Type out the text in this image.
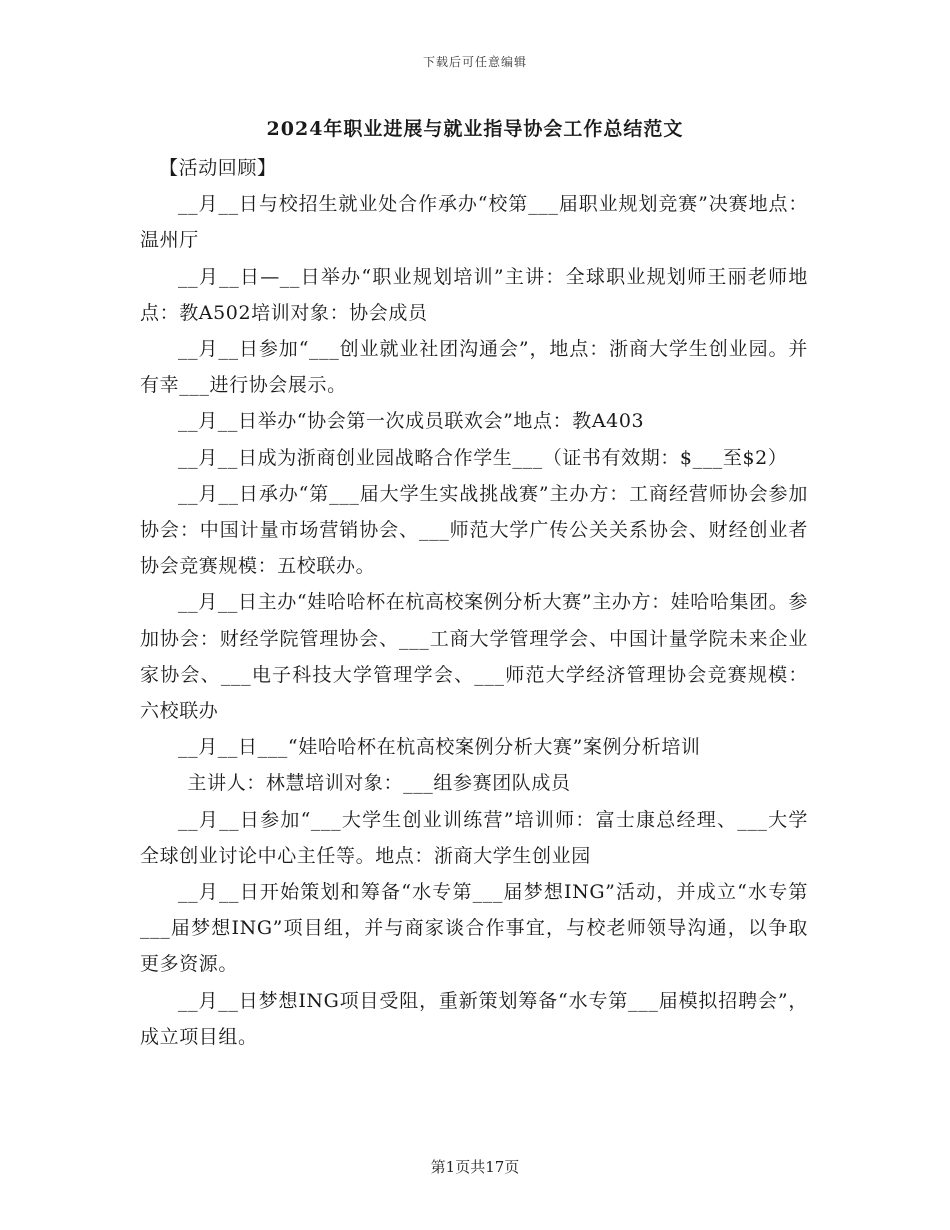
下载后可任意编辑
2024年职业进展与就业指导协会工作总结范文

【活动回顾】

__月__日与校招生就业处合作承办“校第___届职业规划竞赛”决赛地点：温州厅

__月__日—__日举办“职业规划培训”主讲：全球职业规划师王丽老师地点：教A502培训对象：协会成员

__月__日参加“___创业就业社团沟通会”，地点：浙商大学生创业园。并有幸___进行协会展示。

__月__日举办“协会第一次成员联欢会”地点：教A403

__月__日成为浙商创业园战略合作学生___（证书有效期：$___至$2）

__月__日承办“第___届大学生实战挑战赛”主办方：工商经营师协会参加协会：中国计量市场营销协会、___师范大学广传公关关系协会、财经创业者协会竞赛规模：五校联办。

__月__日主办“娃哈哈杯在杭高校案例分析大赛”主办方：娃哈哈集团。参加协会：财经学院管理协会、___工商大学管理学会、中国计量学院未来企业家协会、___电子科技大学管理学会、___师范大学经济管理协会竞赛规模：六校联办

__月__日___“娃哈哈杯在杭高校案例分析大赛”案例分析培训

主讲人：林慧培训对象：___组参赛团队成员

__月__日参加“___大学生创业训练营”培训师：富士康总经理、___大学全球创业讨论中心主任等。地点：浙商大学生创业园

__月__日开始策划和筹备“水专第___届梦想ING”活动，并成立“水专第___届梦想ING”项目组，并与商家谈合作事宜，与校老师领导沟通，以争取更多资源。

__月__日梦想ING项目受阻，重新策划筹备“水专第___届模拟招聘会”，成立项目组。

第1页共17页
